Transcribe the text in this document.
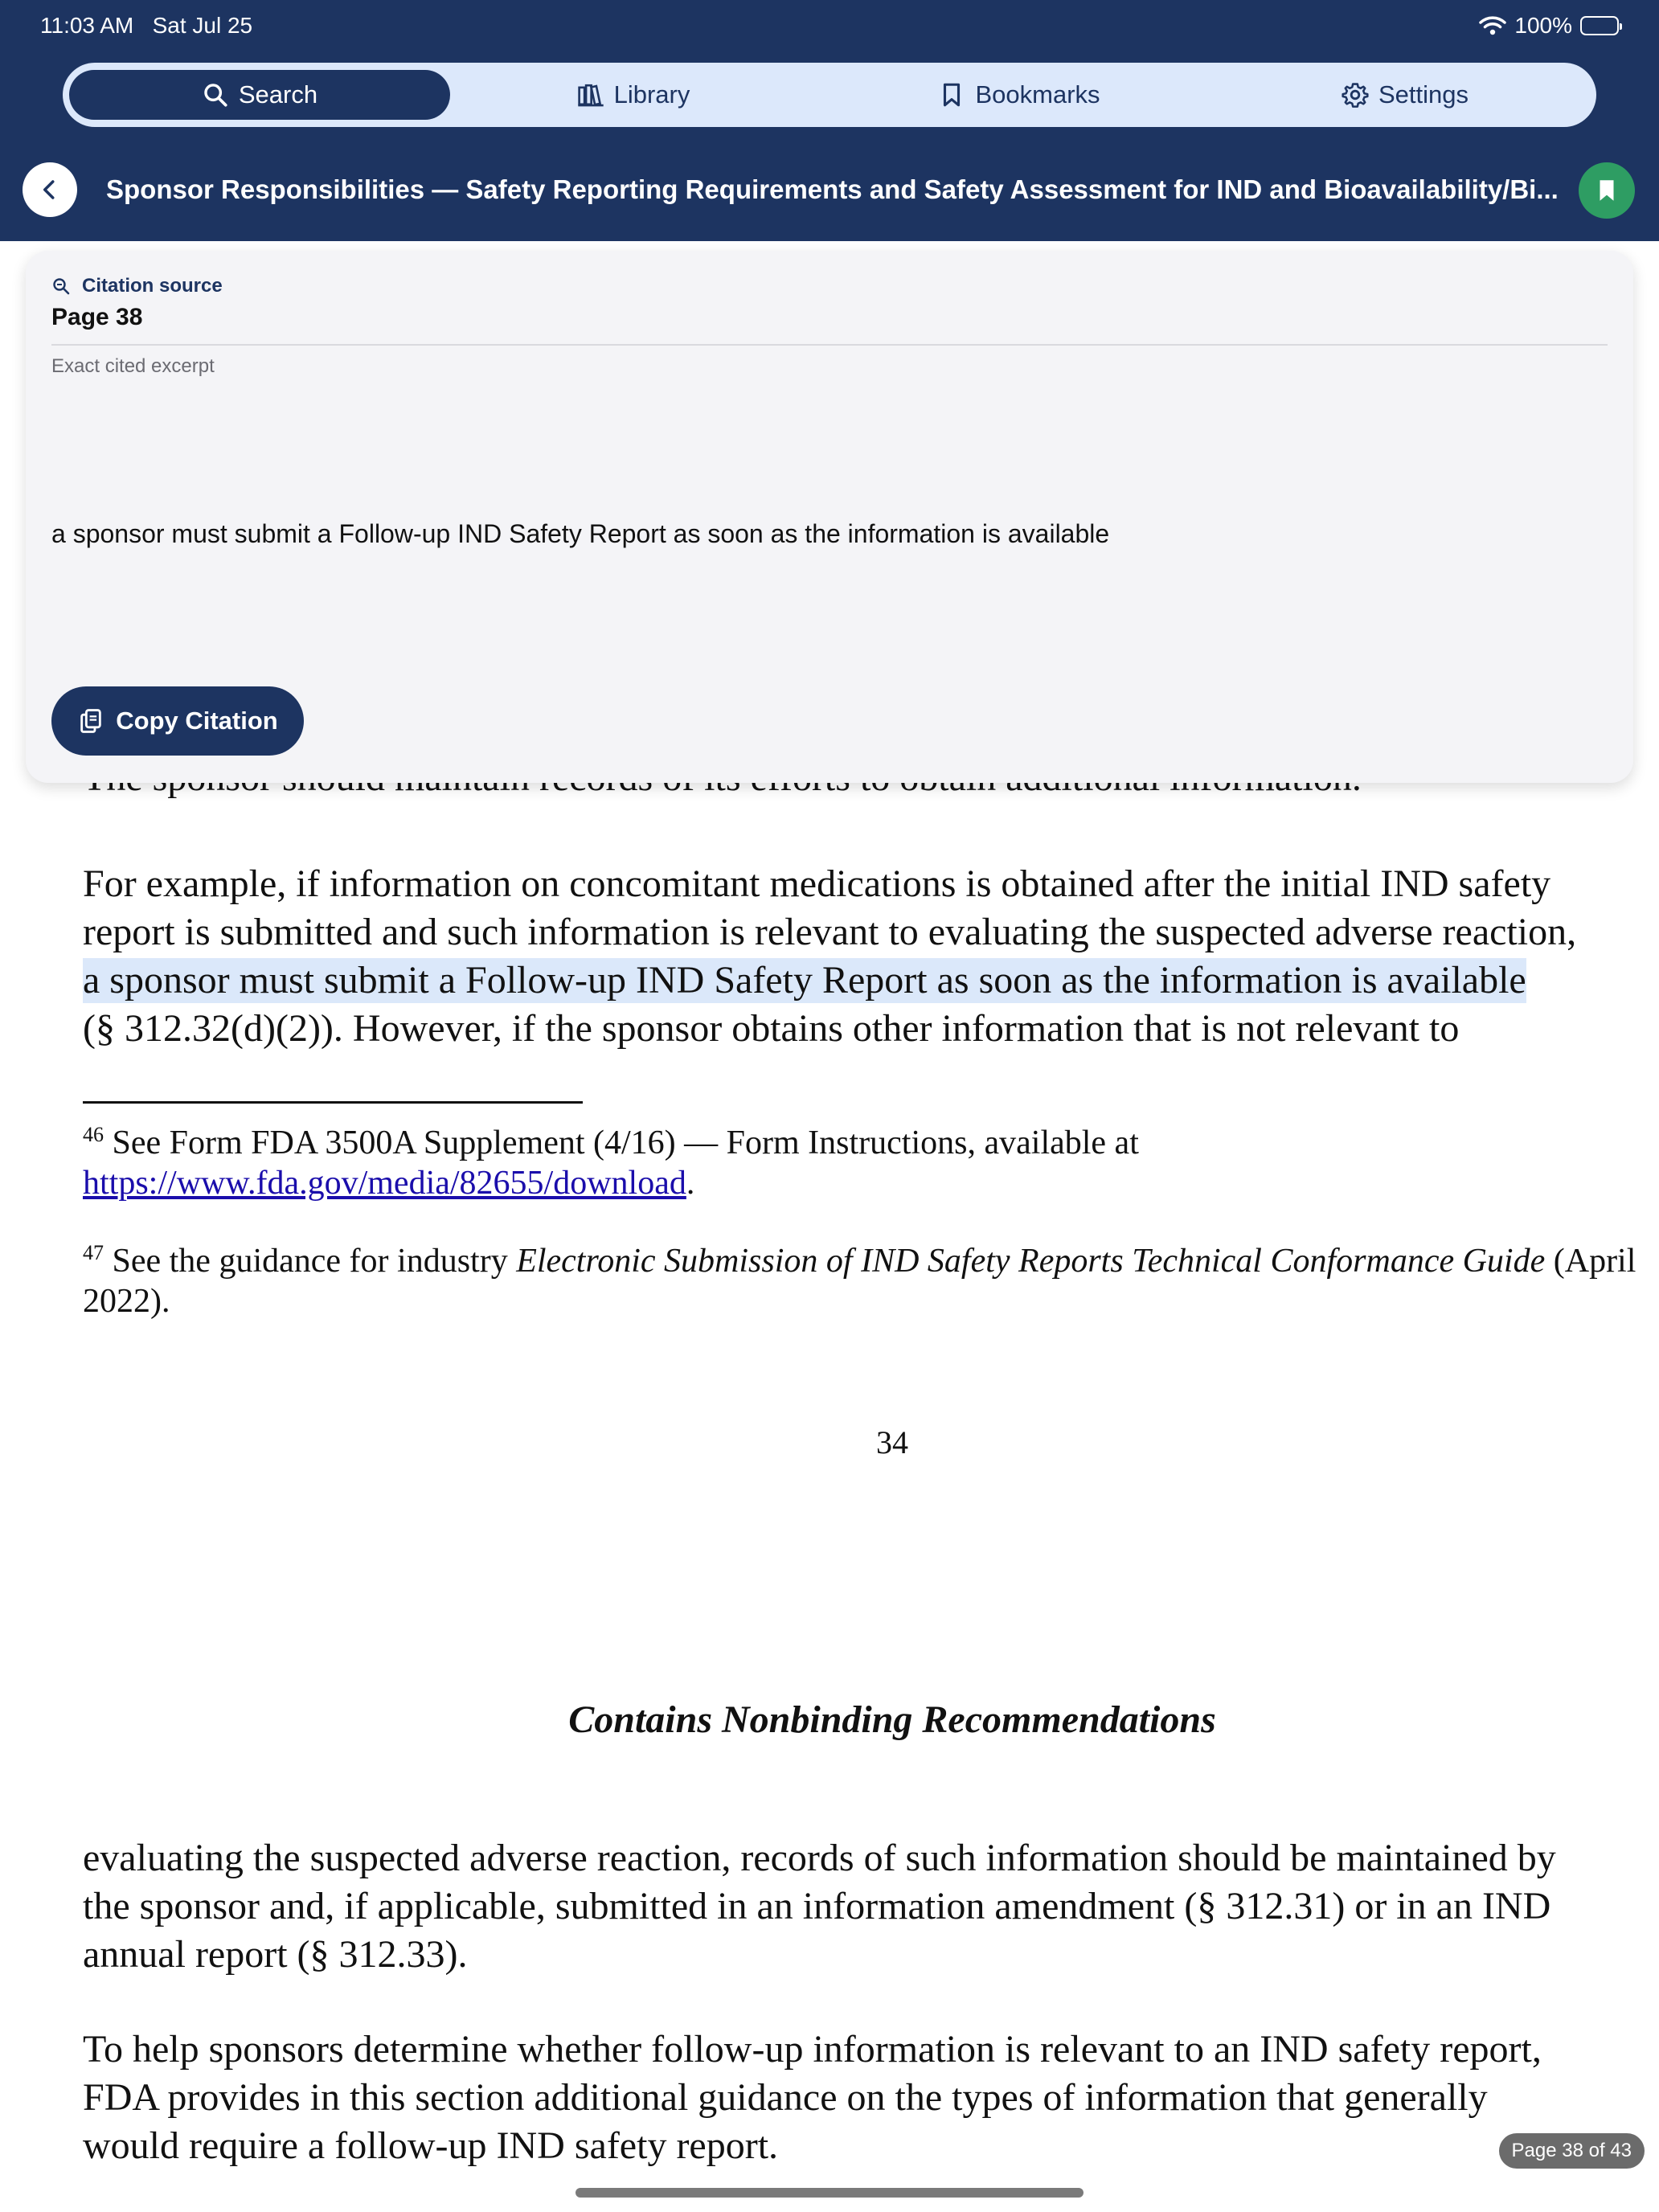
11:03 AM Sat Jul 25	100%
Search	Library	Bookmarks	Settings
Sponsor Responsibilities — Safety Reporting Requirements and Safety Assessment for IND and Bioavailability/Bi...
For example, if information on concomitant medications is obtained after the initial IND safety
report is submitted and such information is relevant to evaluating the suspected adverse reaction,
a sponsor must submit a Follow-up IND Safety Report as soon as the information is available
(§ 312.32(d)(2)). However, if the sponsor obtains other information that is not relevant to
$^{46}$ See Form FDA 3500A Supplement (4/16) — Form Instructions, available at
https://www.fda.gov/media/82655/download.
$^{47}$ See the guidance for industry Electronic Submission of IND Safety Reports Technical Conformance Guide (April
2022).
34
Contains Nonbinding Recommendations
evaluating the suspected adverse reaction, records of such information should be maintained by
the sponsor and, if applicable, submitted in an information amendment (§ 312.31) or in an IND
annual report (§ 312.33).
To help sponsors determine whether follow-up information is relevant to an IND safety report,
FDA provides in this section additional guidance on the types of information that generally
would require a follow-up IND safety report.	Page 38 of 43
Citation source
Page 38
Exact cited excerpt
a sponsor must submit a Follow-up IND Safety Report as soon as the information is available
Copy Citation
